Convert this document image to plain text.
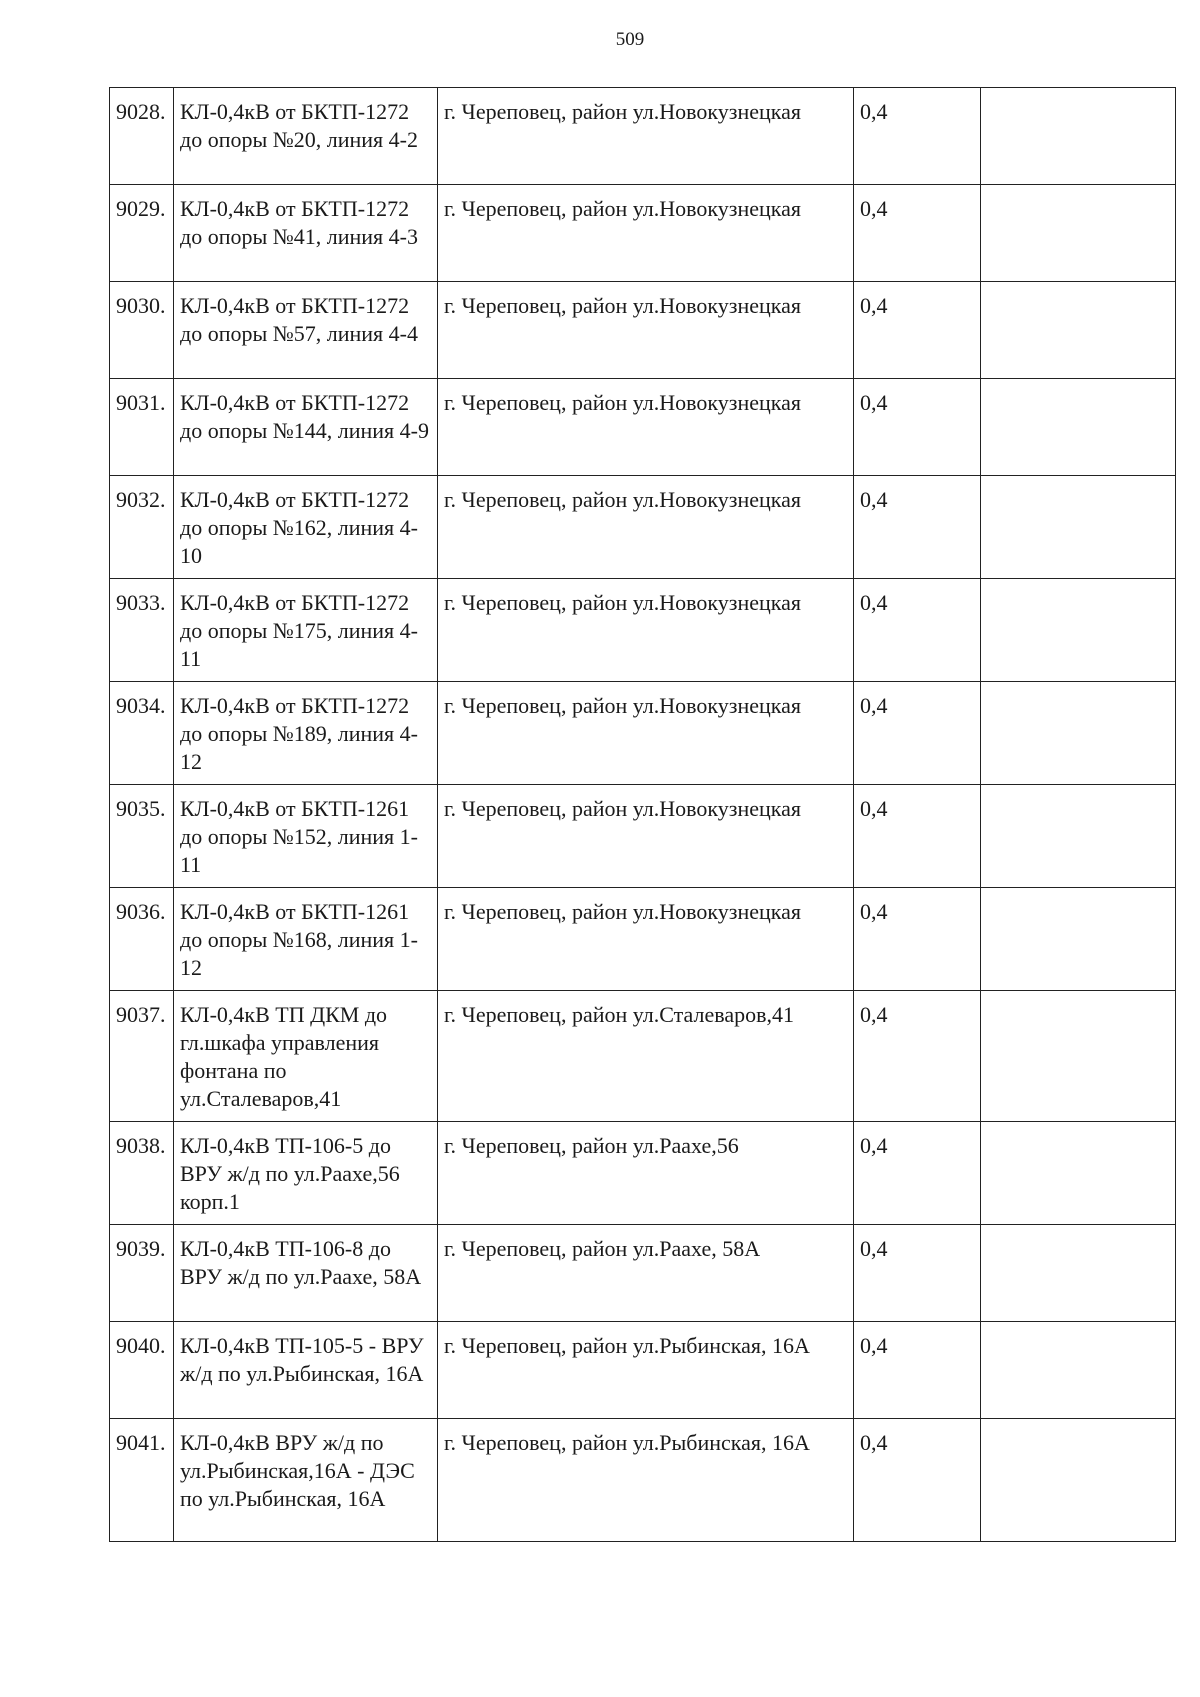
509
9028.	КЛ-0,4кВ от БКТП-1272 до опоры №20, линия 4-2	г. Череповец, район ул.Новокузнецкая	0,4	
9029.	КЛ-0,4кВ от БКТП-1272 до опоры №41, линия 4-3	г. Череповец, район ул.Новокузнецкая	0,4	
9030.	КЛ-0,4кВ от БКТП-1272 до опоры №57, линия 4-4	г. Череповец, район ул.Новокузнецкая	0,4	
9031.	КЛ-0,4кВ от БКТП-1272 до опоры №144, линия 4-9	г. Череповец, район ул.Новокузнецкая	0,4	
9032.	КЛ-0,4кВ от БКТП-1272 до опоры №162, линия 4-10	г. Череповец, район ул.Новокузнецкая	0,4	
9033.	КЛ-0,4кВ от БКТП-1272 до опоры №175, линия 4-11	г. Череповец, район ул.Новокузнецкая	0,4	
9034.	КЛ-0,4кВ от БКТП-1272 до опоры №189, линия 4-12	г. Череповец, район ул.Новокузнецкая	0,4	
9035.	КЛ-0,4кВ от БКТП-1261 до опоры №152, линия 1-11	г. Череповец, район ул.Новокузнецкая	0,4	
9036.	КЛ-0,4кВ от БКТП-1261 до опоры №168, линия 1-12	г. Череповец, район ул.Новокузнецкая	0,4	
9037.	КЛ-0,4кВ ТП ДКМ до гл.шкафа управления фонтана по ул.Сталеваров,41	г. Череповец, район ул.Сталеваров,41	0,4	
9038.	КЛ-0,4кВ ТП-106-5 до ВРУ ж/д по ул.Раахе,56 корп.1	г. Череповец, район ул.Раахе,56	0,4	
9039.	КЛ-0,4кВ ТП-106-8 до ВРУ ж/д по ул.Раахе, 58А	г. Череповец, район ул.Раахе, 58А	0,4	
9040.	КЛ-0,4кВ ТП-105-5 - ВРУ ж/д по ул.Рыбинская, 16А	г. Череповец, район ул.Рыбинская, 16А	0,4	
9041.	КЛ-0,4кВ ВРУ ж/д по ул.Рыбинская,16А - ДЭС по ул.Рыбинская, 16А	г. Череповец, район ул.Рыбинская, 16А	0,4	
